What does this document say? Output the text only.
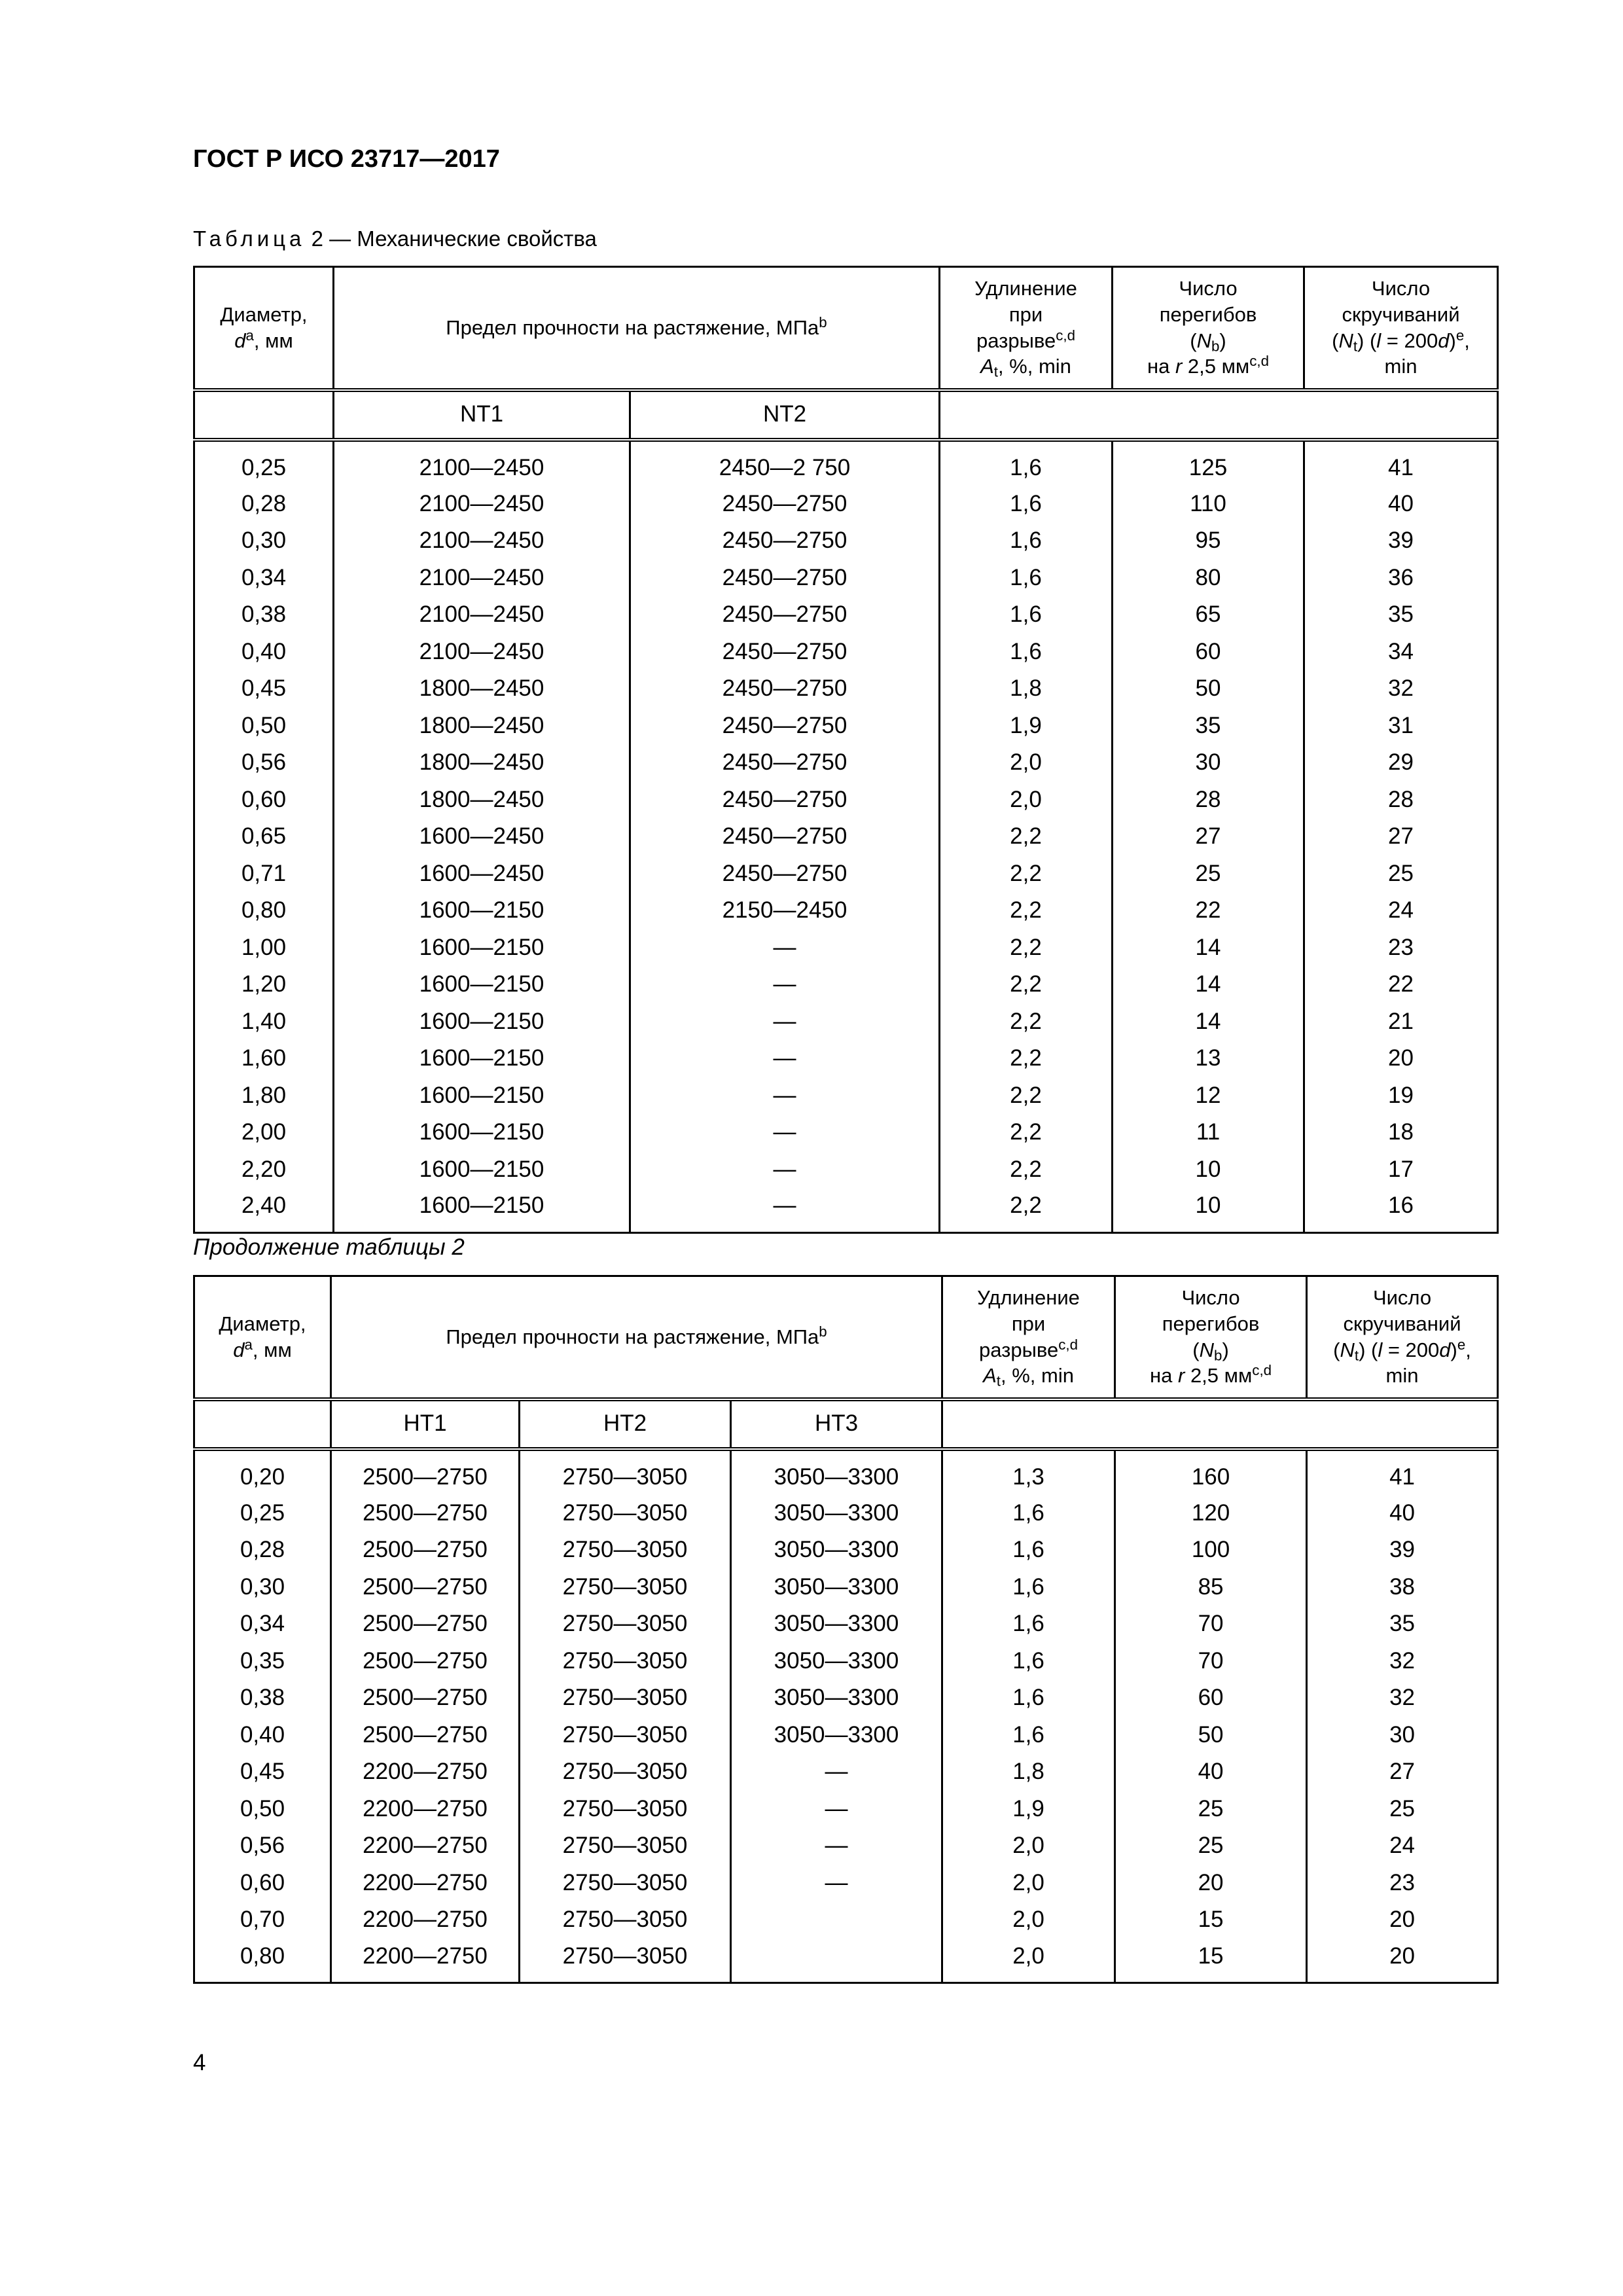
ГОСТ Р ИСО 23717—2017

Таблица 2 — Механические свойства

Диаметр,
$d^a$, мм	Предел прочности на растяжение, МПа$^b$		Удлинение
при
разрыве$^{c,d}$
$A_t$, %, min	Число
перегибов
$(N_b)$
на r 2,5 мм$^{c,d}$	Число
скручиваний
$(N_t) (l = 200d)^e$,
min
	NT1	NT2			
0,25	2100—2450	2450—2 750	1,6	125	41
0,28	2100—2450	2450—2750	1,6	110	40
0,30	2100—2450	2450—2750	1,6	95	39
0,34	2100—2450	2450—2750	1,6	80	36
0,38	2100—2450	2450—2750	1,6	65	35
0,40	2100—2450	2450—2750	1,6	60	34
0,45	1800—2450	2450—2750	1,8	50	32
0,50	1800—2450	2450—2750	1,9	35	31
0,56	1800—2450	2450—2750	2,0	30	29
0,60	1800—2450	2450—2750	2,0	28	28
0,65	1600—2450	2450—2750	2,2	27	27
0,71	1600—2450	2450—2750	2,2	25	25
0,80	1600—2150	2150—2450	2,2	22	24
1,00	1600—2150	—	2,2	14	23
1,20	1600—2150	—	2,2	14	22
1,40	1600—2150	—	2,2	14	21
1,60	1600—2150	—	2,2	13	20
1,80	1600—2150	—	2,2	12	19
2,00	1600—2150	—	2,2	11	18
2,20	1600—2150	—	2,2	10	17
2,40	1600—2150	—	2,2	10	16

Продолжение таблицы 2

Диаметр,
$d^a$, мм	Предел прочности на растяжение, МПа$^b$			Удлинение
при
разрыве$^{c,d}$
$A_t$, %, min	Число
перегибов
$(N_b)$
на r 2,5 мм$^{c,d}$	Число
скручиваний
$(N_t) (l = 200d)^e$,
min
	HT1	HT2	HT3			
0,20	2500—2750	2750—3050	3050—3300	1,3	160	41
0,25	2500—2750	2750—3050	3050—3300	1,6	120	40
0,28	2500—2750	2750—3050	3050—3300	1,6	100	39
0,30	2500—2750	2750—3050	3050—3300	1,6	85	38
0,34	2500—2750	2750—3050	3050—3300	1,6	70	35
0,35	2500—2750	2750—3050	3050—3300	1,6	70	32
0,38	2500—2750	2750—3050	3050—3300	1,6	60	32
0,40	2500—2750	2750—3050	3050—3300	1,6	50	30
0,45	2200—2750	2750—3050	—	1,8	40	27
0,50	2200—2750	2750—3050	—	1,9	25	25
0,56	2200—2750	2750—3050	—	2,0	25	24
0,60	2200—2750	2750—3050	—	2,0	20	23
0,70	2200—2750	2750—3050		2,0	15	20
0,80	2200—2750	2750—3050		2,0	15	20

4
